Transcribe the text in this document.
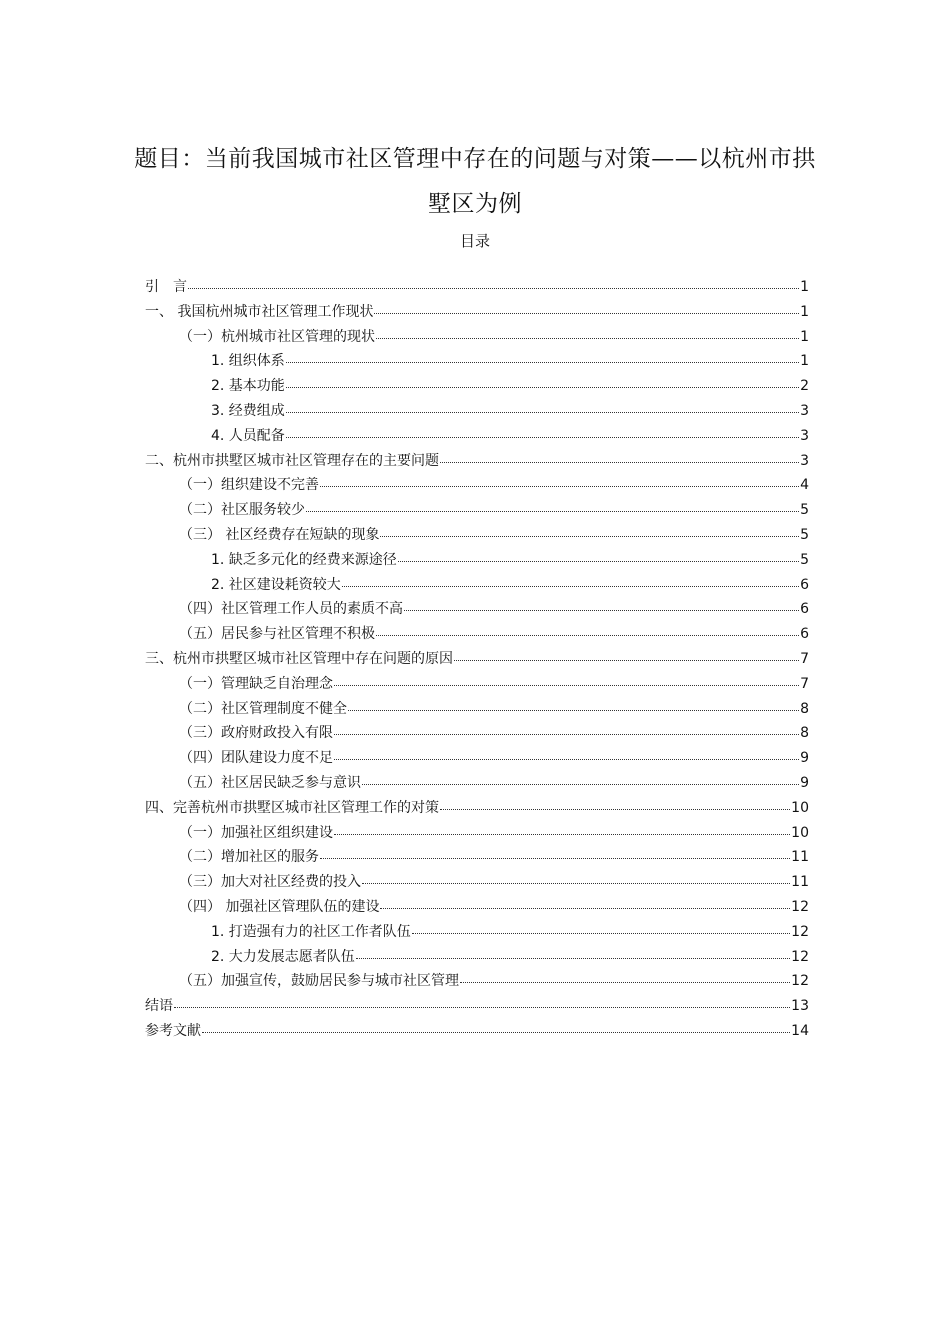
题目：当前我国城市社区管理中存在的问题与对策——以杭州市拱
墅区为例
目录
引　言	1
一、 我国杭州城市社区管理工作现状	1
（一）杭州城市社区管理的现状	1
1. 组织体系	1
2. 基本功能	2
3. 经费组成	3
4. 人员配备	3
二、杭州市拱墅区城市社区管理存在的主要问题	3
（一）组织建设不完善	4
（二）社区服务较少	5
（三） 社区经费存在短缺的现象	5
1. 缺乏多元化的经费来源途径	5
2. 社区建设耗资较大	6
（四）社区管理工作人员的素质不高	6
（五）居民参与社区管理不积极	6
三、杭州市拱墅区城市社区管理中存在问题的原因	7
（一）管理缺乏自治理念	7
（二）社区管理制度不健全	8
（三）政府财政投入有限	8
（四）团队建设力度不足	9
（五）社区居民缺乏参与意识	9
四、完善杭州市拱墅区城市社区管理工作的对策	10
（一）加强社区组织建设	10
（二）增加社区的服务	11
（三）加大对社区经费的投入	11
（四） 加强社区管理队伍的建设	12
1. 打造强有力的社区工作者队伍	12
2. 大力发展志愿者队伍	12
（五）加强宣传，鼓励居民参与城市社区管理	12
结语	13
参考文献	14
